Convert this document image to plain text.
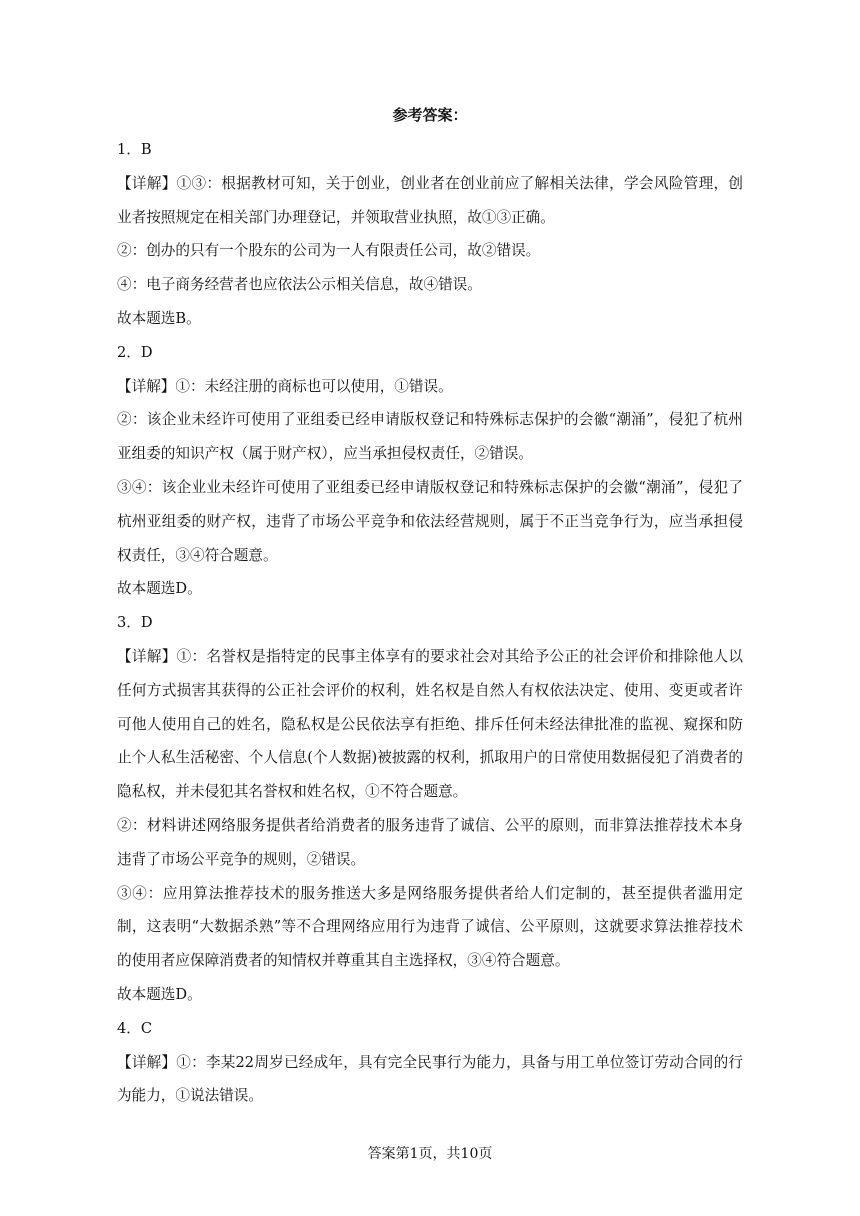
参考答案：

1．B

【详解】①③：根据教材可知，关于创业，创业者在创业前应了解相关法律，学会风险管理，创业者按照规定在相关部门办理登记，并领取营业执照，故①③正确。

②：创办的只有一个股东的公司为一人有限责任公司，故②错误。

④：电子商务经营者也应依法公示相关信息，故④错误。

故本题选B。

2．D

【详解】①：未经注册的商标也可以使用，①错误。

②：该企业未经许可使用了亚组委已经申请版权登记和特殊标志保护的会徽“潮涌”，侵犯了杭州亚组委的知识产权（属于财产权），应当承担侵权责任，②错误。

③④：该企业业未经许可使用了亚组委已经申请版权登记和特殊标志保护的会徽“潮涌”，侵犯了杭州亚组委的财产权，违背了市场公平竞争和依法经营规则，属于不正当竞争行为，应当承担侵权责任，③④符合题意。

故本题选D。

3．D

【详解】①：名誉权是指特定的民事主体享有的要求社会对其给予公正的社会评价和排除他人以任何方式损害其获得的公正社会评价的权利，姓名权是自然人有权依法决定、使用、变更或者许可他人使用自己的姓名，隐私权是公民依法享有拒绝、排斥任何未经法律批准的监视、窥探和防止个人私生活秘密、个人信息(个人数据)被披露的权利，抓取用户的日常使用数据侵犯了消费者的隐私权，并未侵犯其名誉权和姓名权，①不符合题意。

②：材料讲述网络服务提供者给消费者的服务违背了诚信、公平的原则，而非算法推荐技术本身违背了市场公平竞争的规则，②错误。

③④：应用算法推荐技术的服务推送大多是网络服务提供者给人们定制的，甚至提供者滥用定制，这表明“大数据杀熟”等不合理网络应用行为违背了诚信、公平原则，这就要求算法推荐技术的使用者应保障消费者的知情权并尊重其自主选择权，③④符合题意。

故本题选D。

4．C

【详解】①：李某22周岁已经成年，具有完全民事行为能力，具备与用工单位签订劳动合同的行为能力，①说法错误。

答案第1页，共10页
